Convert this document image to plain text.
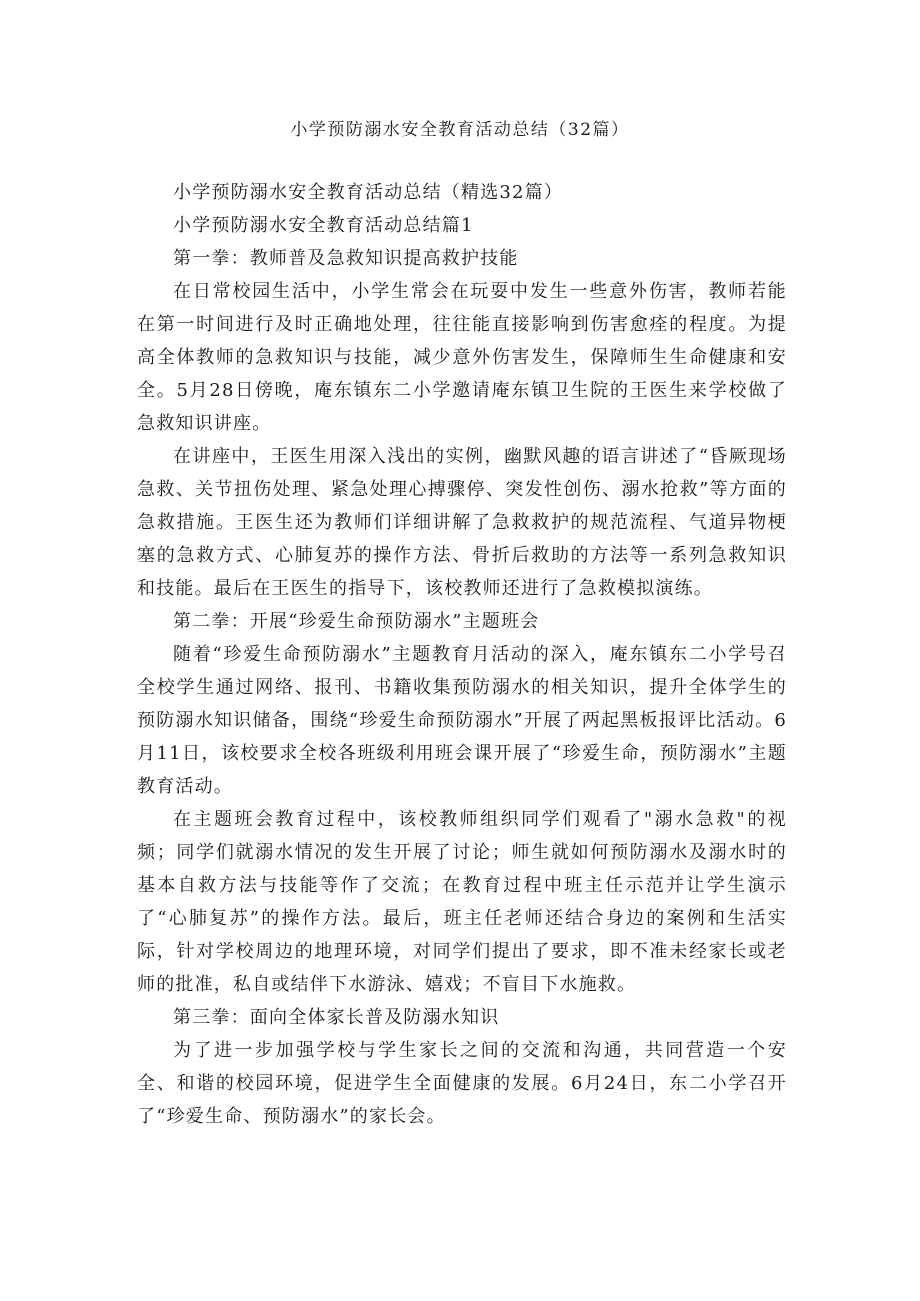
小学预防溺水安全教育活动总结（32篇）

小学预防溺水安全教育活动总结（精选32篇）

小学预防溺水安全教育活动总结篇1

第一拳：教师普及急救知识提高救护技能

在日常校园生活中，小学生常会在玩耍中发生一些意外伤害，教师若能在第一时间进行及时正确地处理，往往能直接影响到伤害愈痊的程度。为提高全体教师的急救知识与技能，减少意外伤害发生，保障师生生命健康和安全。5月28日傍晚，庵东镇东二小学邀请庵东镇卫生院的王医生来学校做了急救知识讲座。

在讲座中，王医生用深入浅出的实例，幽默风趣的语言讲述了“昏厥现场急救、关节扭伤处理、紧急处理心搏骤停、突发性创伤、溺水抢救”等方面的急救措施。王医生还为教师们详细讲解了急救救护的规范流程、气道异物梗塞的急救方式、心肺复苏的操作方法、骨折后救助的方法等一系列急救知识和技能。最后在王医生的指导下，该校教师还进行了急救模拟演练。

第二拳：开展“珍爱生命预防溺水”主题班会

随着“珍爱生命预防溺水”主题教育月活动的深入，庵东镇东二小学号召全校学生通过网络、报刊、书籍收集预防溺水的相关知识，提升全体学生的预防溺水知识储备，围绕“珍爱生命预防溺水”开展了两起黑板报评比活动。6月11日，该校要求全校各班级利用班会课开展了“珍爱生命，预防溺水”主题教育活动。

在主题班会教育过程中，该校教师组织同学们观看了"溺水急救"的视频；同学们就溺水情况的发生开展了讨论；师生就如何预防溺水及溺水时的基本自救方法与技能等作了交流；在教育过程中班主任示范并让学生演示了“心肺复苏”的操作方法。最后，班主任老师还结合身边的案例和生活实际，针对学校周边的地理环境，对同学们提出了要求，即不准未经家长或老师的批准，私自或结伴下水游泳、嬉戏；不盲目下水施救。

第三拳：面向全体家长普及防溺水知识

为了进一步加强学校与学生家长之间的交流和沟通，共同营造一个安全、和谐的校园环境，促进学生全面健康的发展。6月24日，东二小学召开了“珍爱生命、预防溺水”的家长会。
